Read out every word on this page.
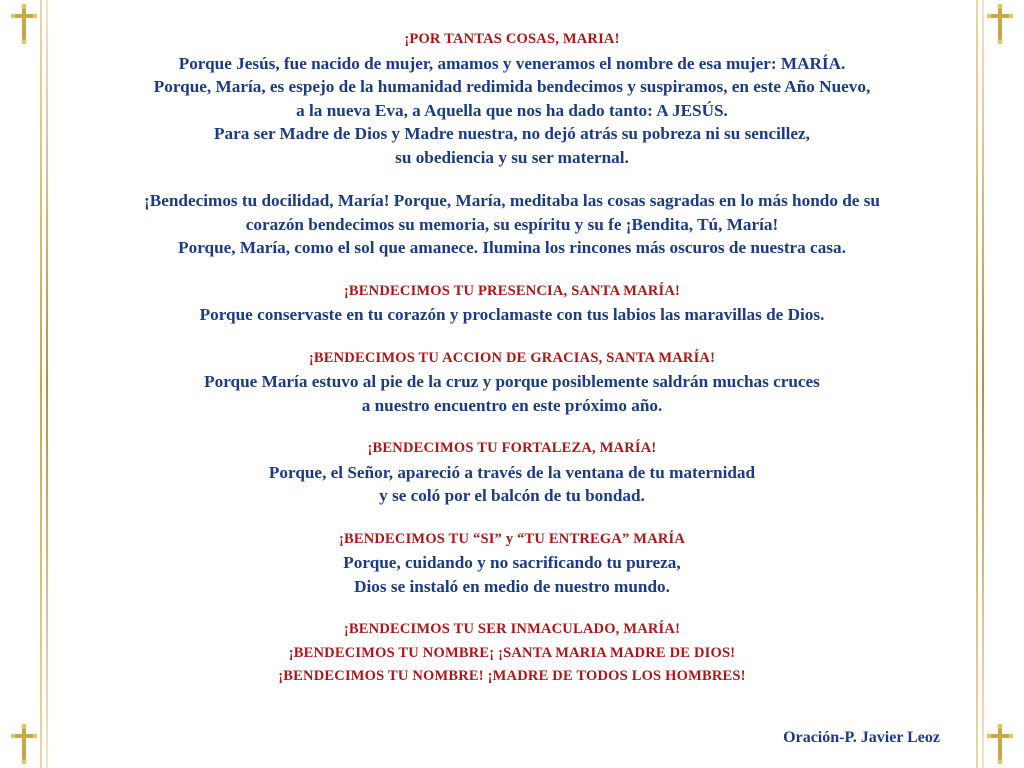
¡POR TANTAS COSAS, MARIA!
Porque Jesús, fue nacido de mujer, amamos y veneramos el nombre de esa mujer: MARÍA.
Porque, María, es espejo de la humanidad redimida bendecimos y suspiramos, en este Año Nuevo,
a la nueva Eva, a Aquella que nos ha dado tanto: A JESÚS.
Para ser Madre de Dios y Madre nuestra, no dejó atrás su pobreza ni su sencillez,
su obediencia y su ser maternal.
¡Bendecimos tu docilidad, María! Porque, María, meditaba las cosas sagradas en lo más hondo de su
corazón bendecimos su memoria, su espíritu y su fe ¡Bendita, Tú, María!
Porque, María, como el sol que amanece. Ilumina los rincones más oscuros de nuestra casa.
¡BENDECIMOS TU PRESENCIA, SANTA MARÍA!
Porque conservaste en tu corazón y proclamaste con tus labios las maravillas de Dios.
¡BENDECIMOS TU ACCION DE GRACIAS, SANTA MARÍA!
Porque María estuvo al pie de la cruz y porque posiblemente saldrán muchas cruces
a nuestro encuentro en este próximo año.
¡BENDECIMOS TU FORTALEZA, MARÍA!
Porque, el Señor, apareció a través de la ventana de tu maternidad
y se coló por el balcón de tu bondad.
¡BENDECIMOS TU “SI” y “TU ENTREGA” MARÍA
Porque, cuidando y no sacrificando tu pureza,
Dios se instaló en medio de nuestro mundo.
¡BENDECIMOS TU SER INMACULADO, MARÍA!
¡BENDECIMOS TU NOMBRE¡ ¡SANTA MARIA MADRE DE DIOS!
¡BENDECIMOS TU NOMBRE! ¡MADRE DE TODOS LOS HOMBRES!
Oración-P. Javier Leoz
